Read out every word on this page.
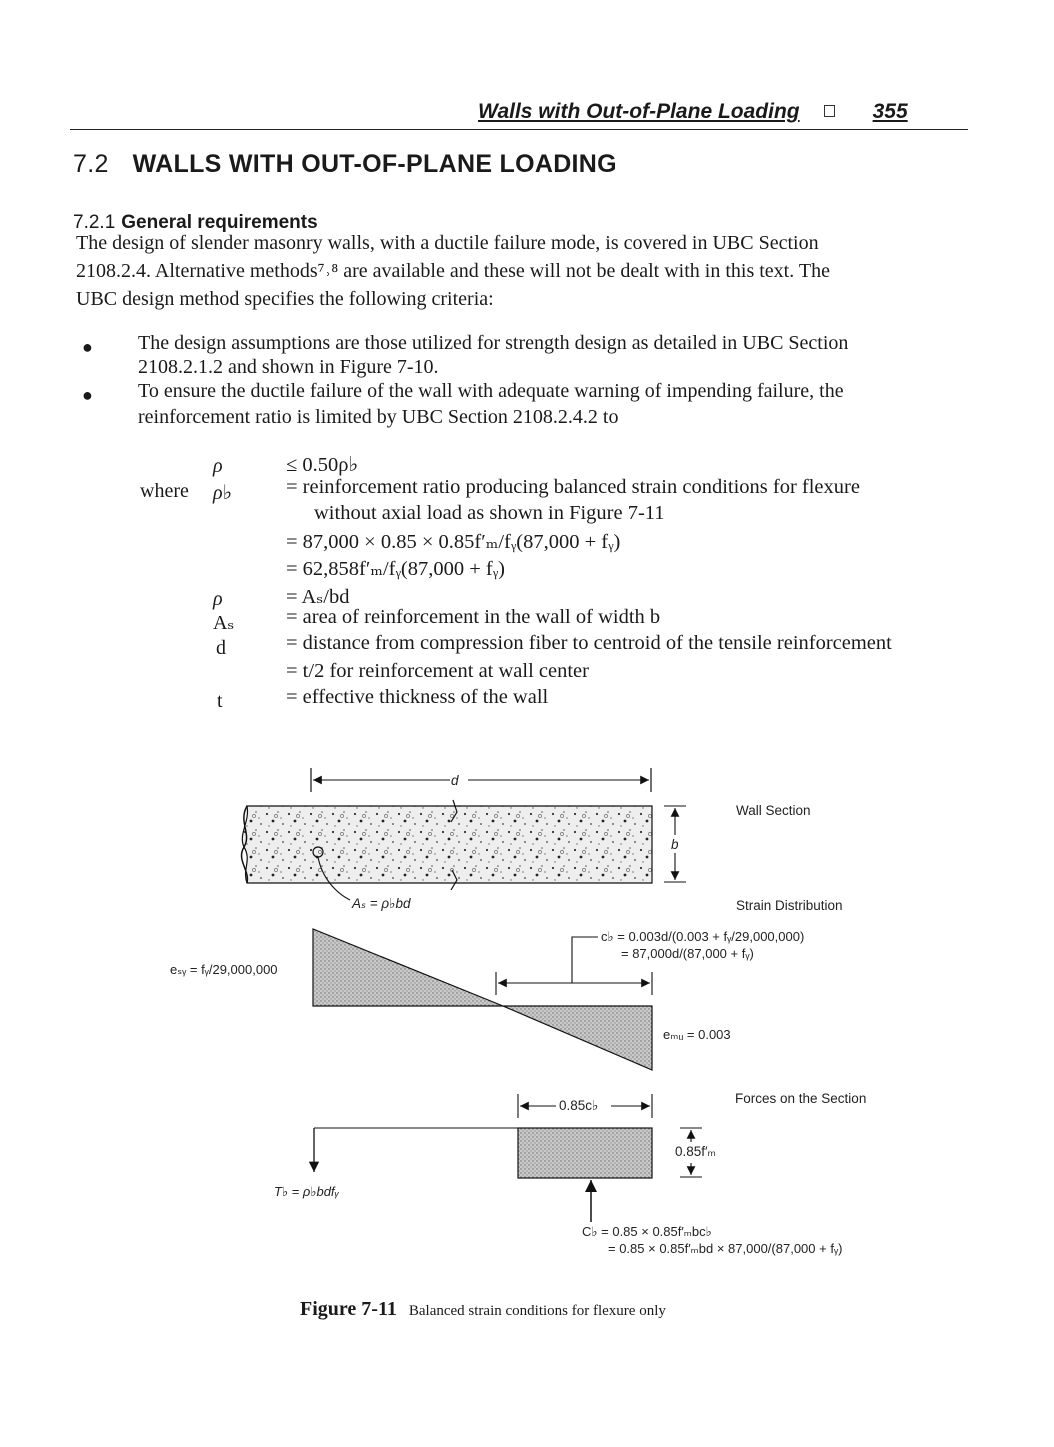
Walls with Out-of-Plane Loading	355
7.2 WALLS WITH OUT-OF-PLANE LOADING
7.2.1 General requirements
The design of slender masonry walls, with a ductile failure mode, is covered in UBC Section
2108.2.4. Alternative methods⁷˒⁸ are available and these will not be dealt with in this text. The
UBC design method specifies the following criteria:
● The design assumptions are those utilized for strength design as detailed in UBC Section
2108.2.1.2 and shown in Figure 7-10.
● To ensure the ductile failure of the wall with adequate warning of impending failure, the
reinforcement ratio is limited by UBC Section 2108.2.4.2 to
ρ	≤ 0.50ρ♭
where ρ♭	= reinforcement ratio producing balanced strain conditions for flexure
without axial load as shown in Figure 7-11
= 87,000 × 0.85 × 0.85f′ₘ/fᵧ(87,000 + fᵧ)
= 62,858f′ₘ/fᵧ(87,000 + fᵧ)
ρ	= Aₛ/bd
Aₛ	= area of reinforcement in the wall of width b
d	= distance from compression fiber to centroid of the tensile reinforcement
= t/2 for reinforcement at wall center
t	= effective thickness of the wall
d
b
Wall Section
Aₛ = ρ♭bd	Strain Distribution
eₛᵧ = fᵧ/29,000,000
c♭ = 0.003d/(0.003 + fᵧ/29,000,000)
= 87,000d/(87,000 + fᵧ)
eₘᵤ = 0.003
Forces on the Section
0.85c♭
0.85f′ₘ
T♭ = ρ♭bdfᵧ
C♭ = 0.85 × 0.85f′ₘbc♭
= 0.85 × 0.85f′ₘbd × 87,000/(87,000 + fᵧ)
Figure 7-11 Balanced strain conditions for flexure only
